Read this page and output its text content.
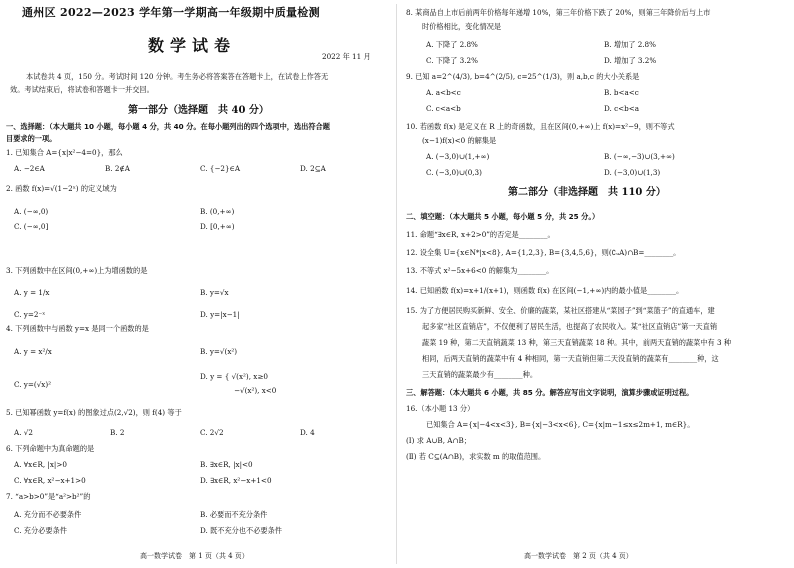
通州区 2022—2023 学年第一学期高一年级期中质量检测
数学试卷
2022 年 11 月
本试卷共 4 页，150 分。考试时间 120 分钟。考生务必将答案答在答题卡上，在试卷上作答无
效。考试结束后，将试卷和答题卡一并交回。
第一部分（选择题　共 40 分）
一、选择题：（本大题共 10 小题，每小题 4 分，共 40 分。在每小题列出的四个选项中，选出符合题
目要求的一项。
1. 已知集合 A={x|x²−4=0}，那么
A. −2∈A	B. 2∉A	C. {−2}∈A	D. 2⊆A
2. 函数 f(x)=√(1−2ˣ) 的定义域为
A. (−∞,0)	B. (0,+∞)
C. (−∞,0]	D. [0,+∞)
3. 下列函数中在区间(0,+∞)上为增函数的是
A. y = 1/x	B. y=√x
C. y=2⁻ˣ	D. y=|x−1|
4. 下列函数中与函数 y=x 是同一个函数的是
A. y = x²/x	B. y=√(x²)
C. y=(√x)²
D. y = { √(x²), x≥0
−√(x²), x<0
5. 已知幂函数 y=f(x) 的图象过点(2,√2)，则 f(4) 等于
A. √2	B. 2	C. 2√2	D. 4
6. 下列命题中为真命题的是
A. ∀x∈R, |x|>0	B. ∃x∈R, |x|<0
C. ∀x∈R, x²−x+1>0	D. ∃x∈R, x²−x+1<0
7. “a>b>0”是“a²>b²”的
A. 充分而不必要条件	B. 必要而不充分条件
C. 充分必要条件	D. 既不充分也不必要条件
高一数学试卷　第 1 页（共 4 页）
8. 某商品自上市后前两年价格每年递增 10%，第三年价格下跌了 20%，则第三年降价后与上市
时价格相比，变化情况是
A. 下降了 2.8%	B. 增加了 2.8%
C. 下降了 3.2%	D. 增加了 3.2%
9. 已知 a=2^(4/3), b=4^(2/5), c=25^(1/3)，则 a,b,c 的大小关系是
A. a<b<c	B. b<a<c
C. c<a<b	D. c<b<a
10. 若函数 f(x) 是定义在 R 上的奇函数，且在区间(0,+∞)上 f(x)=x²−9，则不等式
(x−1)f(x)<0 的解集是
A. (−3,0)∪(1,+∞)	B. (−∞,−3)∪(3,+∞)
C. (−3,0)∪(0,3)	D. (−3,0)∪(1,3)
第二部分（非选择题　共 110 分）
二、填空题：（本大题共 5 小题，每小题 5 分，共 25 分。）
11. 命题“∃x∈R, x+2>0”的否定是________。
12. 设全集 U={x∈N*|x<8}, A={1,2,3}, B={3,4,5,6}，则(∁ᵤA)∩B=________。
13. 不等式 x²−5x+6<0 的解集为________。
14. 已知函数 f(x)=x+1/(x+1)，则函数 f(x) 在区间(−1,+∞)内的最小值是________。
15. 为了方便居民购买新鲜、安全、价廉的蔬菜，某社区搭建从“菜园子”到“菜篮子”的直通车，建
起多家“社区直销店”，不仅便利了居民生活，也提高了农民收入。某“社区直销店”第一天直销
蔬菜 19 种，第二天直销蔬菜 13 种，第三天直销蔬菜 18 种。其中，前两天直销的蔬菜中有 3 种
相同，后两天直销的蔬菜中有 4 种相同，第一天直销但第二天没直销的蔬菜有________种，这
三天直销的蔬菜最少有________种。
三、解答题：（本大题共 6 小题，共 85 分。解答应写出文字说明，演算步骤或证明过程。
16.（本小题 13 分）
已知集合 A={x|−4<x<3}, B={x|−3<x<6}, C={x|m−1≤x≤2m+1, m∈R}。
(Ⅰ) 求 A∪B, A∩B；
(Ⅱ) 若 C⊆(A∩B)，求实数 m 的取值范围。
高一数学试卷　第 2 页（共 4 页）
